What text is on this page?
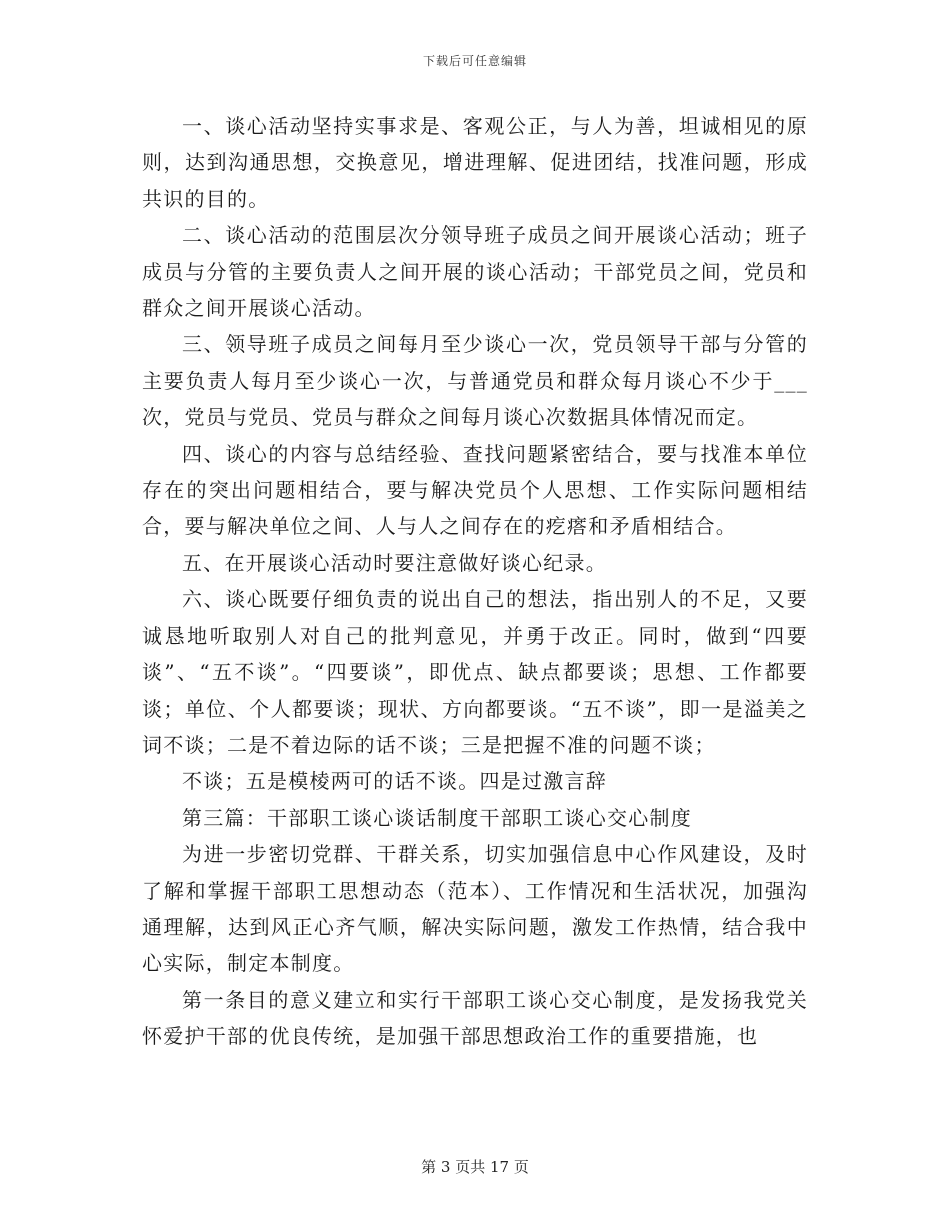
下载后可任意编辑

一、谈心活动坚持实事求是、客观公正，与人为善，坦诚相见的原则，达到沟通思想，交换意见，增进理解、促进团结，找准问题，形成共识的目的。

二、谈心活动的范围层次分领导班子成员之间开展谈心活动；班子成员与分管的主要负责人之间开展的谈心活动；干部党员之间，党员和群众之间开展谈心活动。

三、领导班子成员之间每月至少谈心一次，党员领导干部与分管的主要负责人每月至少谈心一次，与普通党员和群众每月谈心不少于___次，党员与党员、党员与群众之间每月谈心次数据具体情况而定。

四、谈心的内容与总结经验、查找问题紧密结合，要与找准本单位存在的突出问题相结合，要与解决党员个人思想、工作实际问题相结合，要与解决单位之间、人与人之间存在的疙瘩和矛盾相结合。

五、在开展谈心活动时要注意做好谈心纪录。

六、谈心既要仔细负责的说出自己的想法，指出别人的不足，又要诚恳地听取别人对自己的批判意见，并勇于改正。同时，做到“四要谈”、“五不谈”。“四要谈”，即优点、缺点都要谈；思想、工作都要谈；单位、个人都要谈；现状、方向都要谈。“五不谈”，即一是溢美之词不谈；二是不着边际的话不谈；三是把握不准的问题不谈；

不谈；五是模棱两可的话不谈。四是过激言辞

第三篇：干部职工谈心谈话制度干部职工谈心交心制度

为进一步密切党群、干群关系，切实加强信息中心作风建设，及时了解和掌握干部职工思想动态（范本）、工作情况和生活状况，加强沟通理解，达到风正心齐气顺，解决实际问题，激发工作热情，结合我中心实际，制定本制度。

第一条目的意义建立和实行干部职工谈心交心制度，是发扬我党关怀爱护干部的优良传统，是加强干部思想政治工作的重要措施，也

第 3 页共 17 页
